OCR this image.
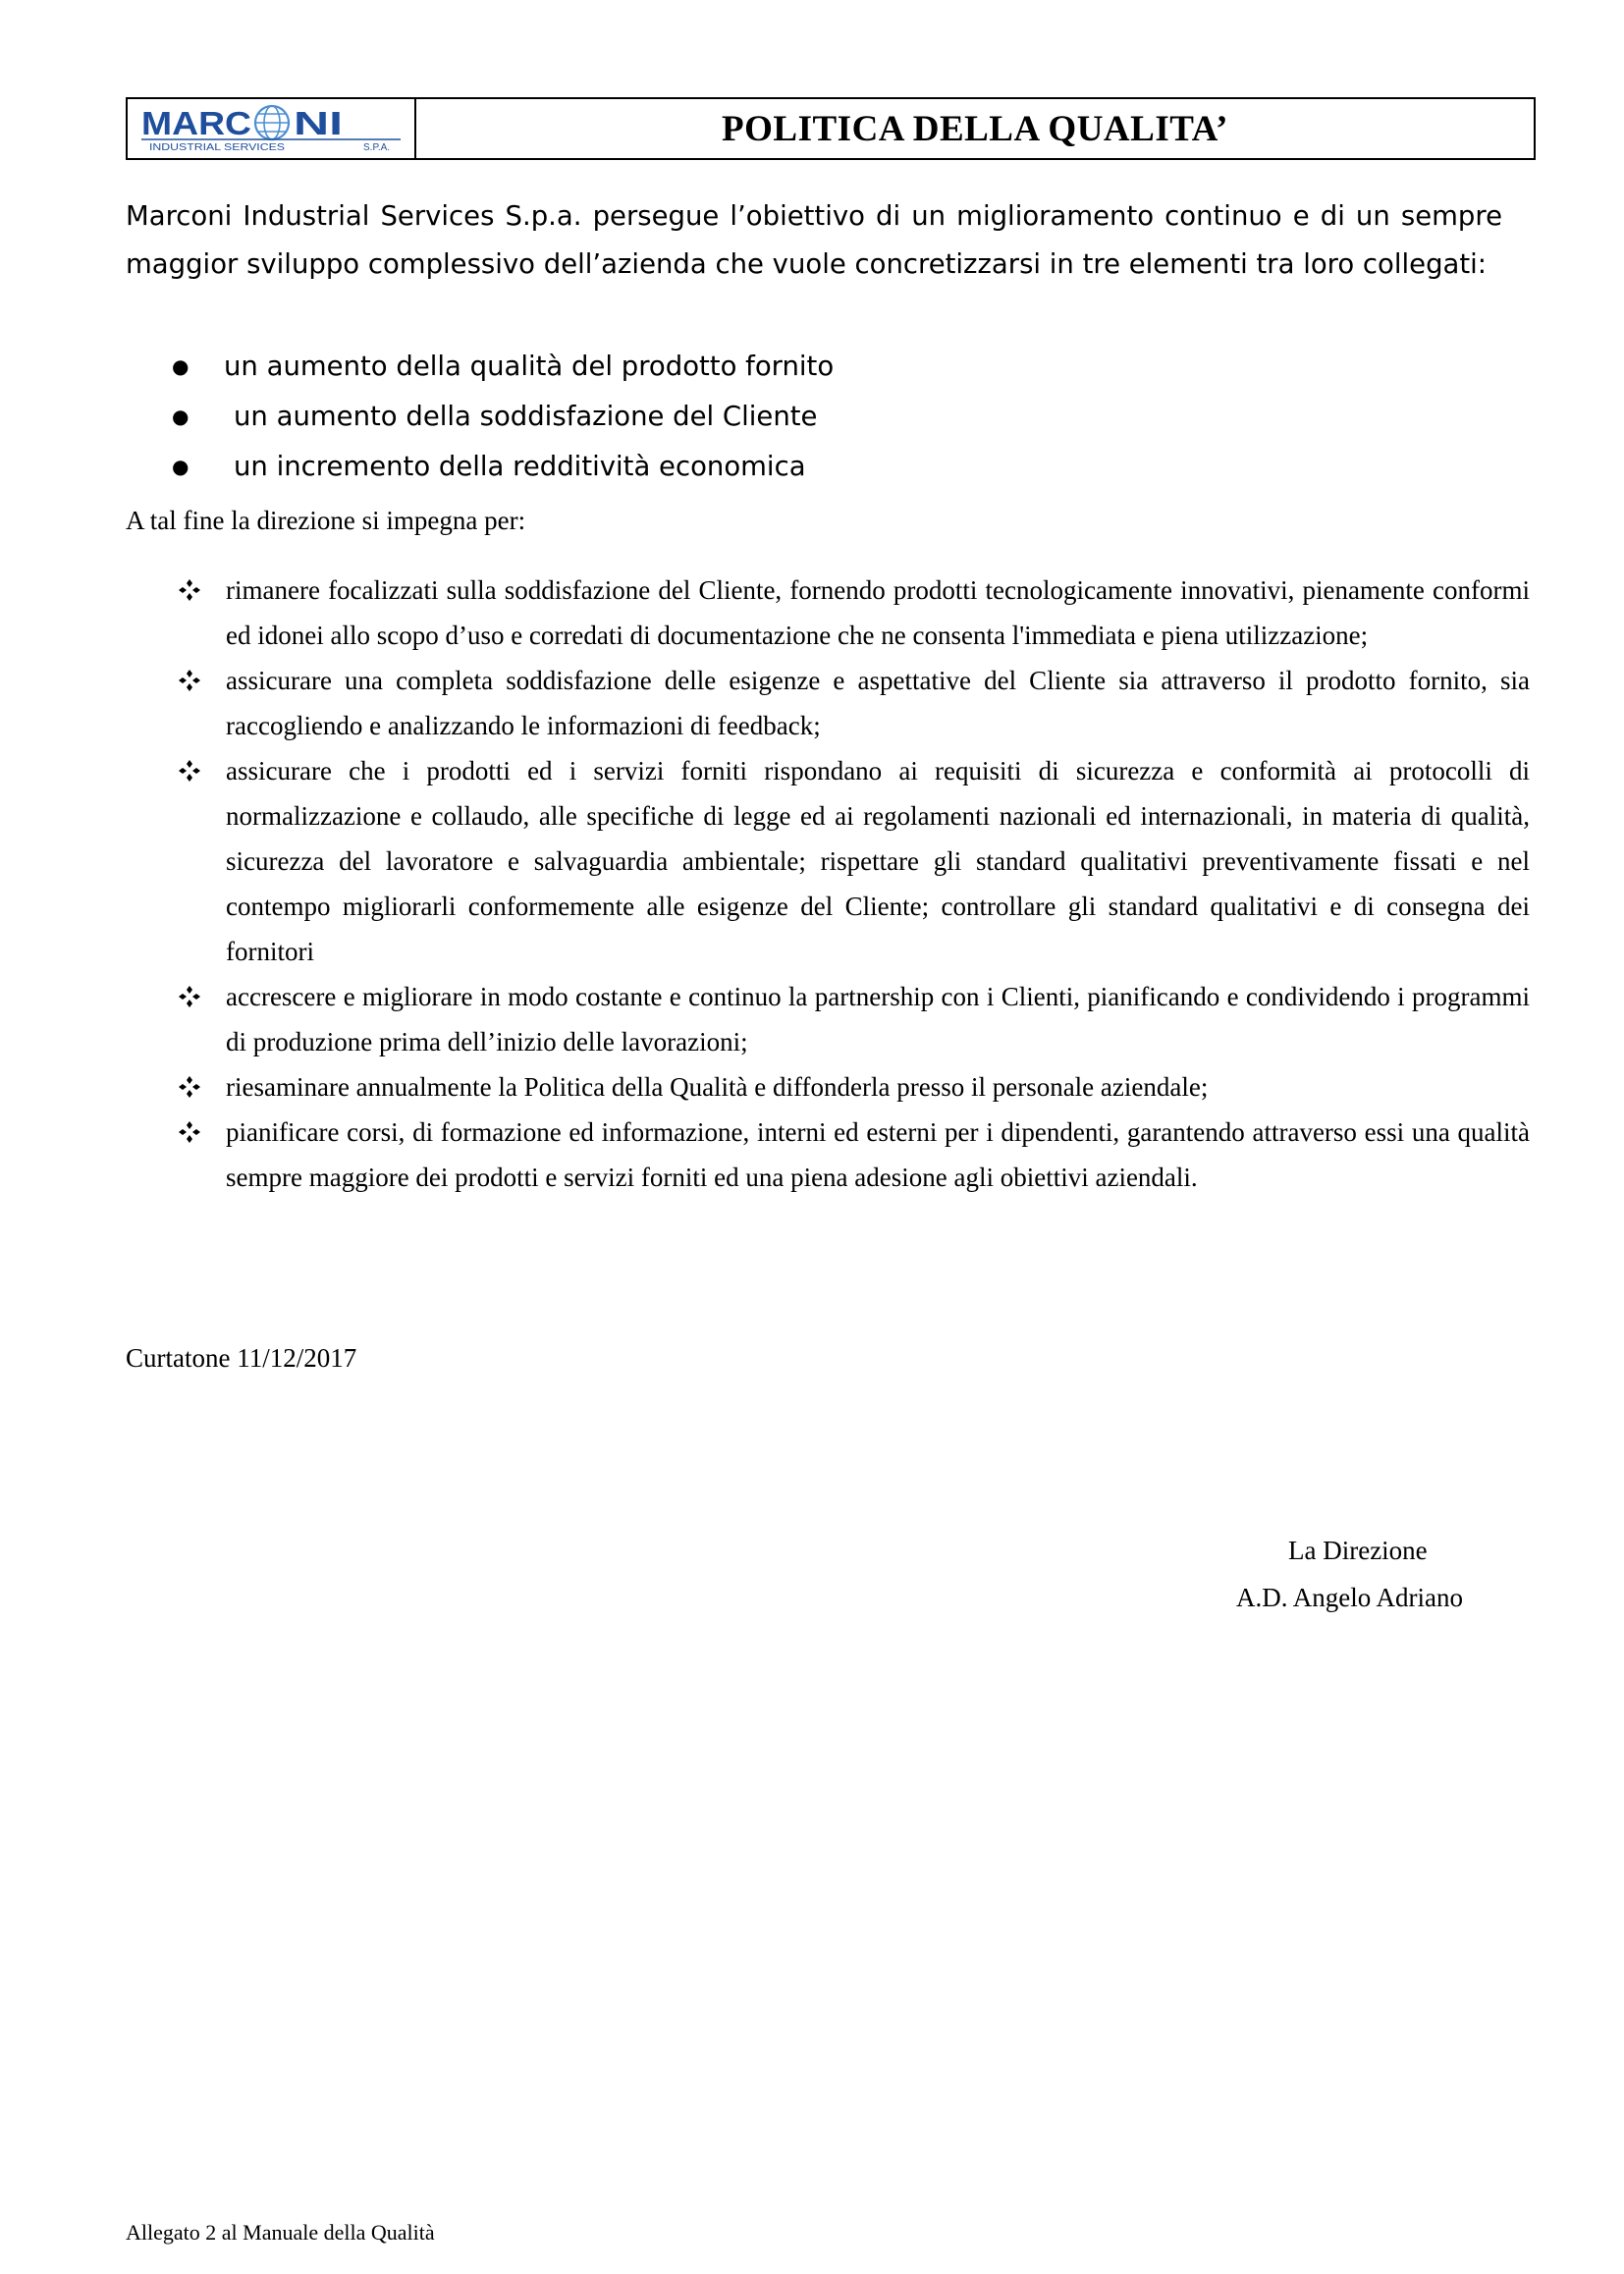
MARC NI
INDUSTRIAL SERVICES	S.P.A.	POLITICA DELLA QUALITA’
Marconi Industrial Services S.p.a. persegue l’obiettivo di un miglioramento continuo e di un sempre maggior sviluppo complessivo dell’azienda che vuole concretizzarsi in tre elementi tra loro collegati:
● un aumento della qualità del prodotto fornito
● un aumento della soddisfazione del Cliente
● un incremento della redditività economica
A tal fine la direzione si impegna per:
rimanere focalizzati sulla soddisfazione del Cliente, fornendo prodotti tecnologicamente innovativi, pienamente conformi ed idonei allo scopo d’uso e corredati di documentazione che ne consenta l'immediata e piena utilizzazione;
assicurare una completa soddisfazione delle esigenze e aspettative del Cliente sia attraverso il prodotto fornito, sia raccogliendo e analizzando le informazioni di feedback;
assicurare che i prodotti ed i servizi forniti rispondano ai requisiti di sicurezza e conformità ai protocolli di normalizzazione e collaudo, alle specifiche di legge ed ai regolamenti nazionali ed internazionali, in materia di qualità, sicurezza del lavoratore e salvaguardia ambientale; rispettare gli standard qualitativi preventivamente fissati e nel contempo migliorarli conformemente alle esigenze del Cliente; controllare gli standard qualitativi e di consegna dei fornitori
accrescere e migliorare in modo costante e continuo la partnership con i Clienti, pianificando e condividendo i programmi di produzione prima dell’inizio delle lavorazioni;
riesaminare annualmente la Politica della Qualità e diffonderla presso il personale aziendale;
pianificare corsi, di formazione ed informazione, interni ed esterni per i dipendenti, garantendo attraverso essi una qualità sempre maggiore dei prodotti e servizi forniti ed una piena adesione agli obiettivi aziendali.
Curtatone 11/12/2017
La Direzione
A.D. Angelo Adriano
Allegato 2 al Manuale della Qualità
